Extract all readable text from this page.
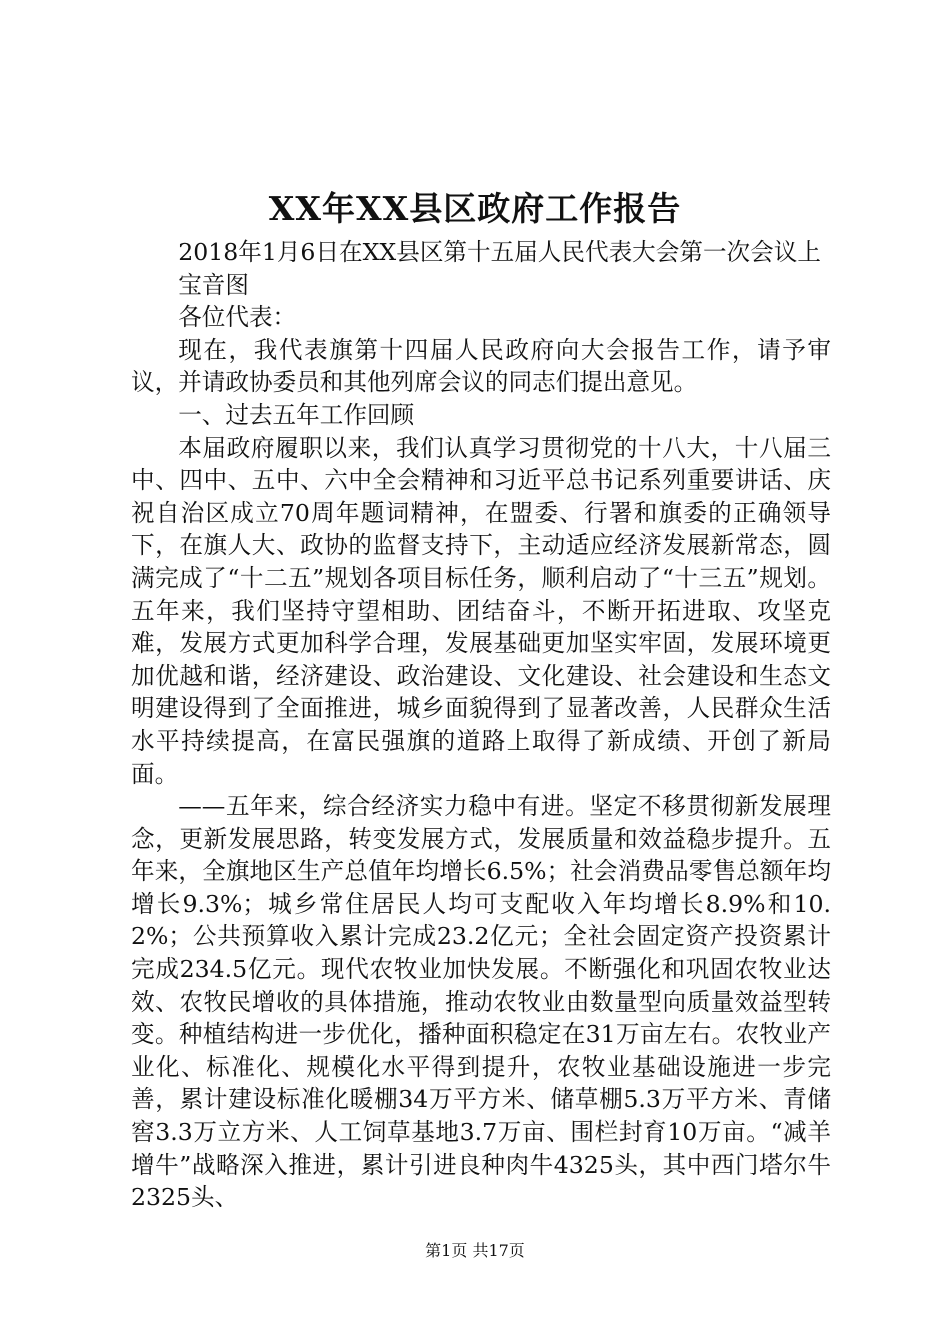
XX年XX县区政府工作报告

2018年1月6日在XX县区第十五届人民代表大会第一次会议上

宝音图

各位代表：

现在，我代表旗第十四届人民政府向大会报告工作，请予审议，并请政协委员和其他列席会议的同志们提出意见。

一、过去五年工作回顾

本届政府履职以来，我们认真学习贯彻党的十八大，十八届三中、四中、五中、六中全会精神和习近平总书记系列重要讲话、庆祝自治区成立70周年题词精神，在盟委、行署和旗委的正确领导下，在旗人大、政协的监督支持下，主动适应经济发展新常态，圆满完成了“十二五”规划各项目标任务，顺利启动了“十三五”规划。五年来，我们坚持守望相助、团结奋斗，不断开拓进取、攻坚克难，发展方式更加科学合理，发展基础更加坚实牢固，发展环境更加优越和谐，经济建设、政治建设、文化建设、社会建设和生态文明建设得到了全面推进，城乡面貌得到了显著改善，人民群众生活水平持续提高，在富民强旗的道路上取得了新成绩、开创了新局面。

——五年来，综合经济实力稳中有进。坚定不移贯彻新发展理念，更新发展思路，转变发展方式，发展质量和效益稳步提升。五年来，全旗地区生产总值年均增长6.5%；社会消费品零售总额年均增长9.3%；城乡常住居民人均可支配收入年均增长8.9%和10.2%；公共预算收入累计完成23.2亿元；全社会固定资产投资累计完成234.5亿元。现代农牧业加快发展。不断强化和巩固农牧业达效、农牧民增收的具体措施，推动农牧业由数量型向质量效益型转变。种植结构进一步优化，播种面积稳定在31万亩左右。农牧业产业化、标准化、规模化水平得到提升，农牧业基础设施进一步完善，累计建设标准化暖棚34万平方米、储草棚5.3万平方米、青储窖3.3万立方米、人工饲草基地3.7万亩、围栏封育10万亩。“减羊增牛”战略深入推进，累计引进良种肉牛4325头，其中西门塔尔牛2325头、

第1页 共17页
